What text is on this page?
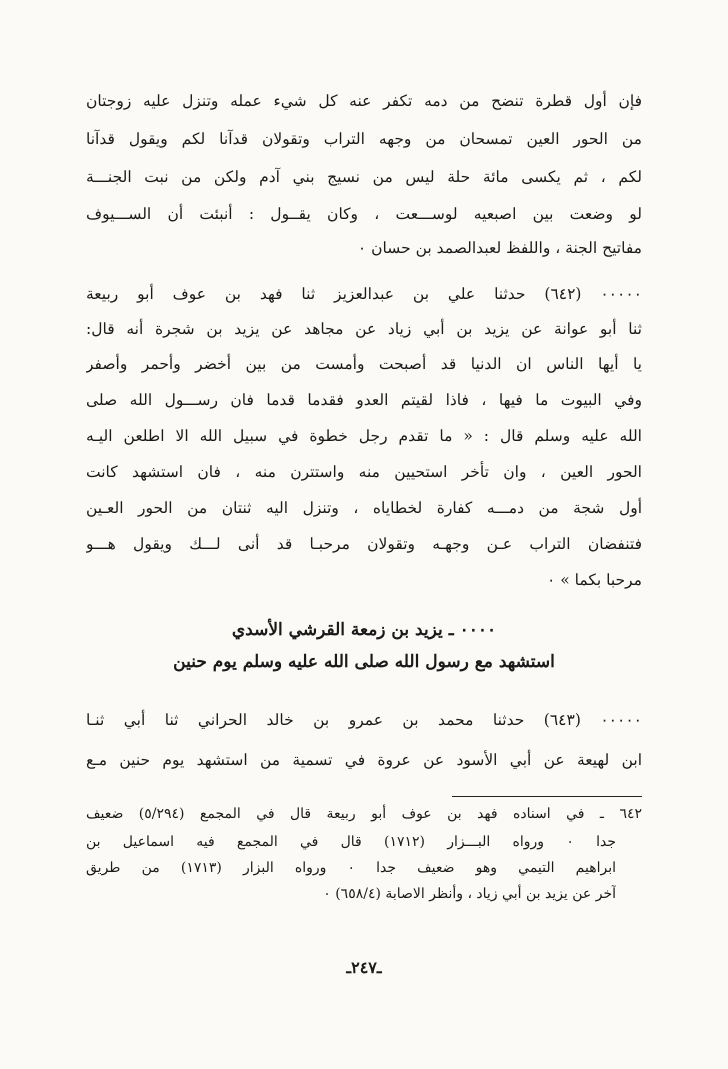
فإن أول قطرة تنضح من دمه تكفر عنه كل شيء عمله وتنزل عليه زوجتان
من الحور العين تمسحان من وجهه التراب وتقولان قدآنا لكم ويقول قدآنا
لكم ، ثم يكسى مائة حلة ليس من نسيج بني آدم ولكن من نبت الجنـــة
لو وضعت بين اصبعيه لوســـعت ، وكان يقــول : أنبئت أن الســـيوف
مفاتيح الجنة ، واللفظ لعبدالصمد بن حسان ٠
٠٠٠٠٠ (٦٤٢) حدثنا علي بن عبدالعزيز ثنا فهد بن عوف أبو ربيعة
ثنا أبو عوانة عن يزيد بن أبي زياد عن مجاهد عن يزيد بن شجرة أنه قال:
يا أيها الناس ان الدنيا قد أصبحت وأمست من بين أخضر وأحمر وأصفر
وفي البيوت ما فيها ، فاذا لقيتم العدو فقدما قدما فان رســـول الله صلى
الله عليه وسلم قال : « ما تقدم رجل خطوة في سبيل الله الا اطلعن اليـه
الحور العين ، وان تأخر استحيين منه واستترن منه ، فان استشهد كانت
أول شجة من دمـــه كفارة لخطاياه ، وتنزل اليه ثنتان من الحور العـين
فتنفضان التراب عـن وجهـه وتقولان مرحبـا قد أنى لـــك ويقول هـــو
مرحبا بكما » ٠
٠٠٠٠ ـ يزيد بن زمعة القرشي الأسدي
استشهد مع رسول الله صلى الله عليه وسلم يوم حنين
٠٠٠٠٠ (٦٤٣) حدثنا محمد بن عمرو بن خالد الحراني ثنا أبي ثنـا
ابن لهيعة عن أبي الأسود عن عروة في تسمية من استشهد يوم حنين مـع
٦٤٢ ـ في اسناده فهد بن عوف أبو ربيعة قال في المجمع (٥/٢٩٤) ضعيف
جدا ٠ ورواه البـــزار (١٧١٢) قال في المجمع فيه اسماعيل بن
ابراهيم التيمي وهو ضعيف جدا ٠ ورواه البزار (١٧١٣) من طريق
آخر عن يزيد بن أبي زياد ، وأنظر الاصابة (٦٥٨/٤) ٠
ـ٢٤٧ـ
